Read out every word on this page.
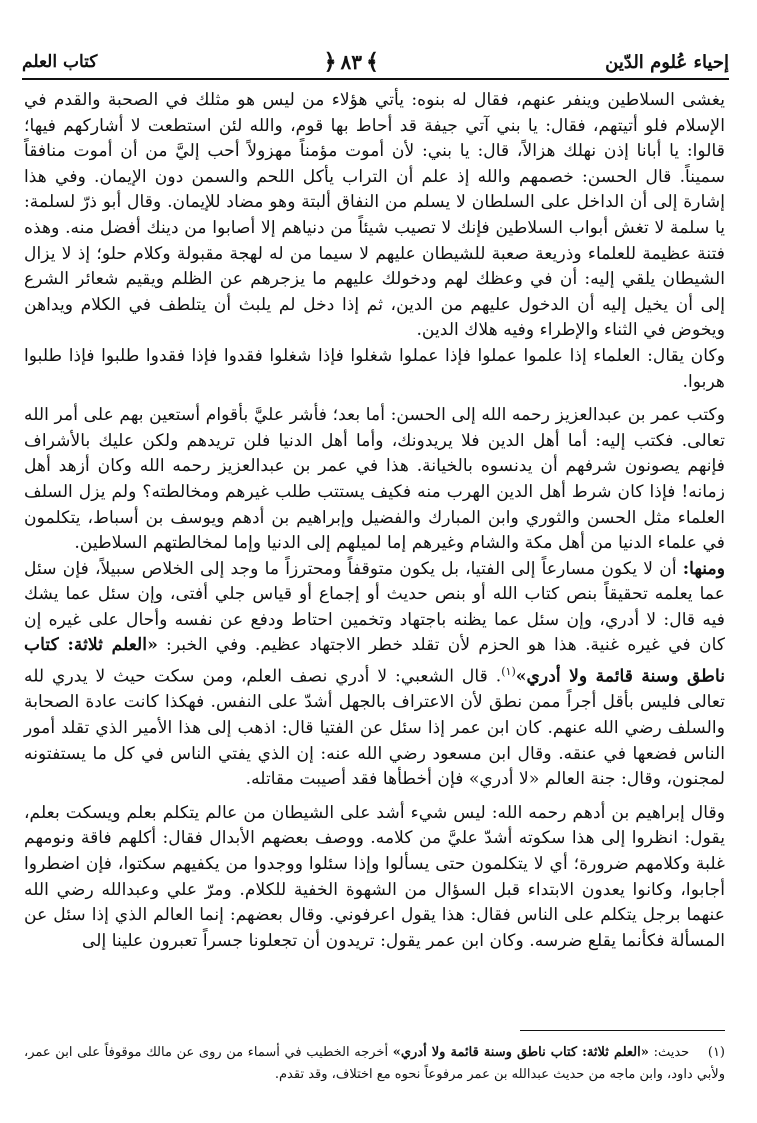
إحياء عُلوم الدّين
﴾
٨٣
﴿
كتاب العلم

يغشى السلاطين وينفر عنهم، فقال له بنوه: يأتي هؤلاء من ليس هو مثلك في الصحبة والقدم في الإسلام فلو أتيتهم، فقال: يا بني آتي جيفة قد أحاط بها قوم، والله لئن استطعت لا أشاركهم فيها؛ قالوا: يا أبانا إذن نهلك هزالاً، قال: يا بني: لأن أموت مؤمناً مهزولاً أحب إليَّ من أن أموت منافقاً سميناً. قال الحسن: خصمهم والله إذ علم أن التراب يأكل اللحم والسمن دون الإيمان. وفي هذا إشارة إلى أن الداخل على السلطان لا يسلم من النفاق ألبتة وهو مضاد للإيمان. وقال أبو ذرّ لسلمة: يا سلمة لا تغش أبواب السلاطين فإنك لا تصيب شيئاً من دنياهم إلا أصابوا من دينك أفضل منه. وهذه فتنة عظيمة للعلماء وذريعة صعبة للشيطان عليهم لا سيما من له لهجة مقبولة وكلام حلو؛ إذ لا يزال الشيطان يلقي إليه: أن في وعظك لهم ودخولك عليهم ما يزجرهم عن الظلم ويقيم شعائر الشرع إلى أن يخيل إليه أن الدخول عليهم من الدين، ثم إذا دخل لم يلبث أن يتلطف في الكلام ويداهن ويخوض في الثناء والإطراء وفيه هلاك الدين.

وكان يقال: العلماء إذا علموا عملوا فإذا عملوا شغلوا فإذا شغلوا فقدوا فإذا فقدوا طلبوا فإذا طلبوا هربوا.

وكتب عمر بن عبدالعزيز رحمه الله إلى الحسن: أما بعد؛ فأشر عليَّ بأقوام أستعين بهم على أمر الله تعالى. فكتب إليه: أما أهل الدين فلا يريدونك، وأما أهل الدنيا فلن تريدهم ولكن عليك بالأشراف فإنهم يصونون شرفهم أن يدنسوه بالخيانة. هذا في عمر بن عبدالعزيز رحمه الله وكان أزهد أهل زمانه! فإذا كان شرط أهل الدين الهرب منه فكيف يستتب طلب غيرهم ومخالطته؟ ولم يزل السلف العلماء مثل الحسن والثوري وابن المبارك والفضيل وإبراهيم بن أدهم ويوسف بن أسباط، يتكلمون في علماء الدنيا من أهل مكة والشام وغيرهم إما لميلهم إلى الدنيا وإما لمخالطتهم السلاطين.

ومنها: أن لا يكون مسارعاً إلى الفتيا، بل يكون متوقفاً ومحترزاً ما وجد إلى الخلاص سبيلاً، فإن سئل عما يعلمه تحقيقاً بنص كتاب الله أو بنص حديث أو إجماع أو قياس جلي أفتى، وإن سئل عما يشك فيه قال: لا أدري، وإن سئل عما يظنه باجتهاد وتخمين احتاط ودفع عن نفسه وأحال على غيره إن كان في غيره غنية. هذا هو الحزم لأن تقلد خطر الاجتهاد عظيم. وفي الخبر: «العلم ثلاثة: كتاب ناطق وسنة قائمة ولا أدري»$^{(١)}$. قال الشعبي: لا أدري نصف العلم، ومن سكت حيث لا يدري لله تعالى فليس بأقل أجراً ممن نطق لأن الاعتراف بالجهل أشدّ على النفس. فهكذا كانت عادة الصحابة والسلف رضي الله عنهم. كان ابن عمر إذا سئل عن الفتيا قال: اذهب إلى هذا الأمير الذي تقلد أمور الناس فضعها في عنقه. وقال ابن مسعود رضي الله عنه: إن الذي يفتي الناس في كل ما يستفتونه لمجنون، وقال: جنة العالم «لا أدري» فإن أخطأها فقد أصيبت مقاتله.

وقال إبراهيم بن أدهم رحمه الله: ليس شيء أشد على الشيطان من عالم يتكلم بعلم ويسكت بعلم، يقول: انظروا إلى هذا سكوته أشدّ عليَّ من كلامه. ووصف بعضهم الأبدال فقال: أكلهم فاقة ونومهم غلبة وكلامهم ضرورة؛ أي لا يتكلمون حتى يسألوا وإذا سئلوا ووجدوا من يكفيهم سكتوا، فإن اضطروا أجابوا، وكانوا يعدون الابتداء قبل السؤال من الشهوة الخفية للكلام. ومرّ علي وعبدالله رضي الله عنهما برجل يتكلم على الناس فقال: هذا يقول اعرفوني. وقال بعضهم: إنما العالم الذي إذا سئل عن المسألة فكأنما يقلع ضرسه. وكان ابن عمر يقول: تريدون أن تجعلونا جسراً تعبرون علينا إلى

(١) حديث: «العلم ثلاثة: كتاب ناطق وسنة قائمة ولا أدري» أخرجه الخطيب في أسماء من روى عن مالك موقوفاً على ابن عمر، ولأبي داود، وابن ماجه من حديث عبدالله بن عمر مرفوعاً نحوه مع اختلاف، وقد تقدم.
